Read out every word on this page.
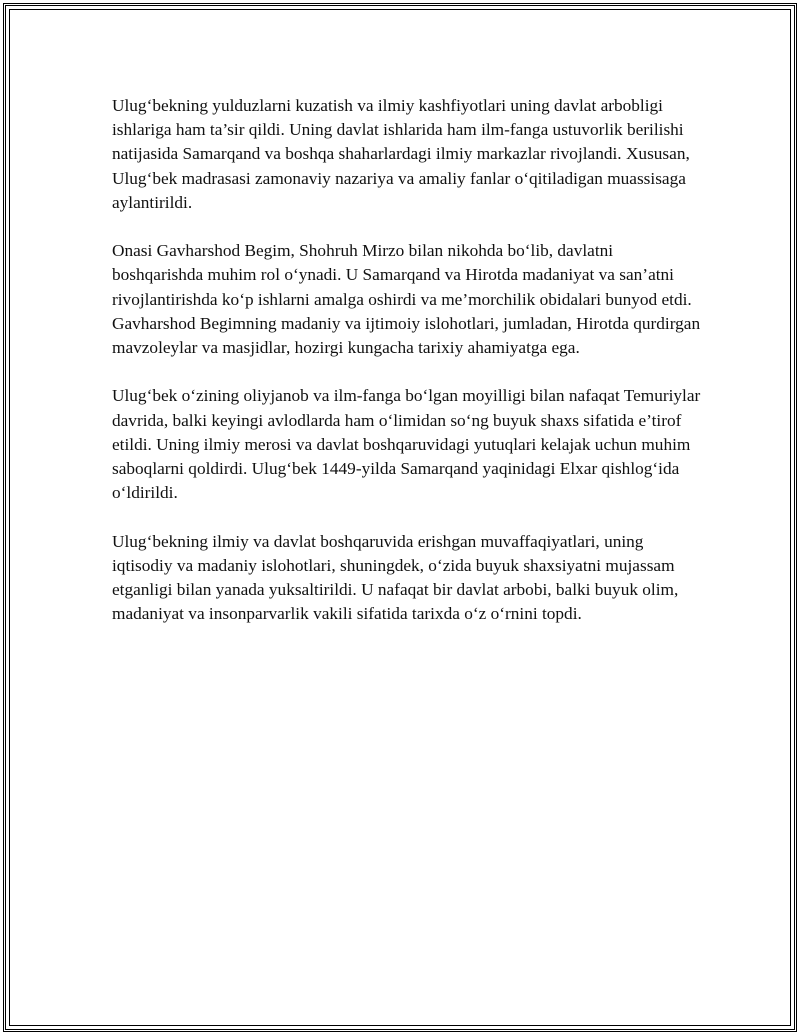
Ulug‘bekning yulduzlarni kuzatish va ilmiy kashfiyotlari uning davlat arbobligi ishlariga ham ta’sir qildi. Uning davlat ishlarida ham ilm-fanga ustuvorlik berilishi natijasida Samarqand va boshqa shaharlardagi ilmiy markazlar rivojlandi. Xususan, Ulug‘bek madrasasi zamonaviy nazariya va amaliy fanlar o‘qitiladigan muassisaga aylantirildi.

Onasi Gavharshod Begim, Shohruh Mirzo bilan nikohda bo‘lib, davlatni boshqarishda muhim rol o‘ynadi. U Samarqand va Hirotda madaniyat va san’atni rivojlantirishda ko‘p ishlarni amalga oshirdi va me’morchilik obidalari bunyod etdi. Gavharshod Begimning madaniy va ijtimoiy islohotlari, jumladan, Hirotda qurdirgan mavzoleylar va masjidlar, hozirgi kungacha tarixiy ahamiyatga ega.

Ulug‘bek o‘zining oliyjanob va ilm-fanga bo‘lgan moyilligi bilan nafaqat Temuriylar davrida, balki keyingi avlodlarda ham o‘limidan so‘ng buyuk shaxs sifatida e’tirof etildi. Uning ilmiy merosi va davlat boshqaruvidagi yutuqlari kelajak uchun muhim saboqlarni qoldirdi. Ulug‘bek 1449-yilda Samarqand yaqinidagi Elxar qishlog‘ida o‘ldirildi.

Ulug‘bekning ilmiy va davlat boshqaruvida erishgan muvaffaqiyatlari, uning iqtisodiy va madaniy islohotlari, shuningdek, o‘zida buyuk shaxsiyatni mujassam etganligi bilan yanada yuksaltirildi. U nafaqat bir davlat arbobi, balki buyuk olim, madaniyat va insonparvarlik vakili sifatida tarixda o‘z o‘rnini topdi.
